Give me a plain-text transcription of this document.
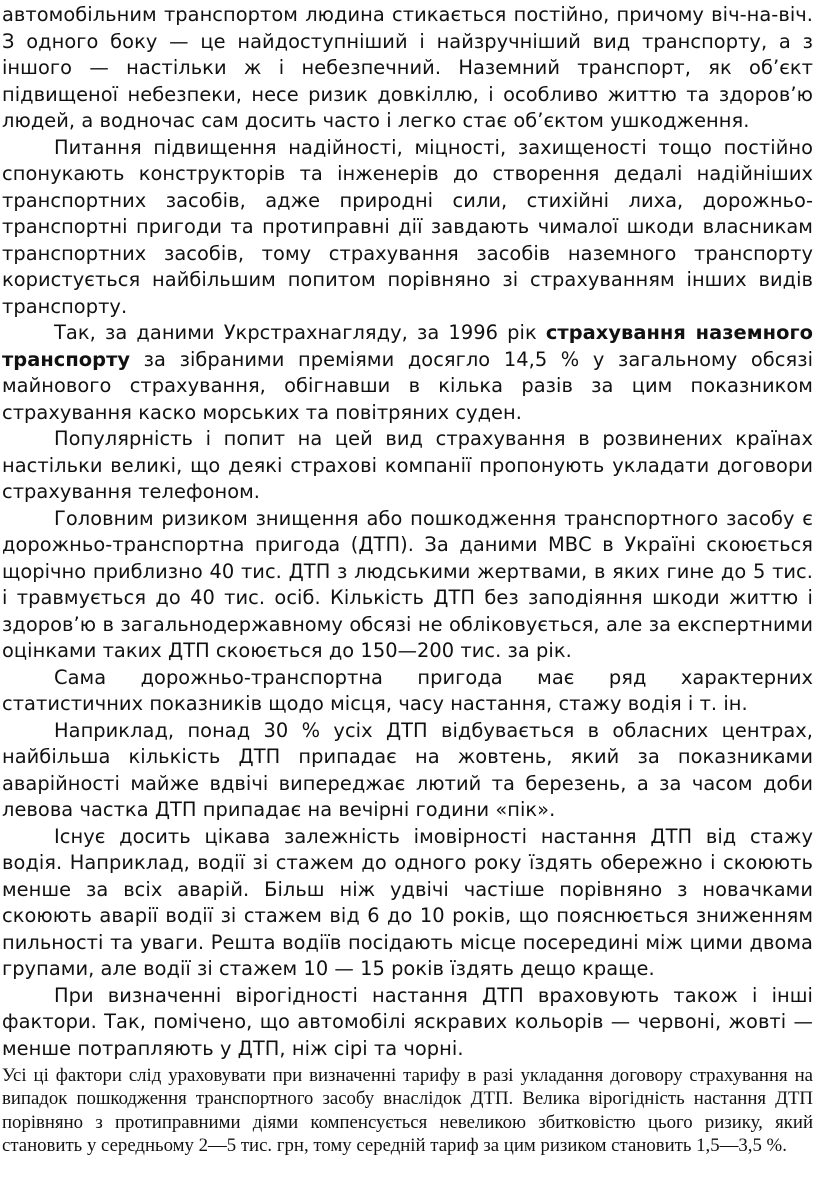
автомобільним транспортом людина стикається постійно, причому віч-на-віч. З одного боку — це найдоступніший і найзручніший вид транспорту, а з іншого — настільки ж і небезпечний. Наземний транспорт, як об’єкт підвищеної небезпеки, несе ризик довкіллю, і особливо життю та здоров’ю людей, а водночас сам досить часто і легко стає об’єктом ушкодження.

Питання підвищення надійності, міцності, захищеності тощо постійно спонукають конструкторів та інженерів до створення дедалі надійніших транспортних засобів, адже природні сили, стихійні лиха, дорожньо-транспортні пригоди та протиправні дії завдають чималої шкоди власникам транспортних засобів, тому страхування засобів наземного транспорту користується найбільшим попитом порівняно зі страхуванням інших видів транспорту.

Так, за даними Укрстрахнагляду, за 1996 рік страхування наземного транспорту за зібраними преміями досягло 14,5 % у загальному обсязі майнового страхування, обігнавши в кілька разів за цим показником страхування каско морських та повітряних суден.

Популярність і попит на цей вид страхування в розвинених країнах настільки великі, що деякі страхові компанії пропонують укладати договори страхування телефоном.

Головним ризиком знищення або пошкодження транспортного засобу є дорожньо-транспортна пригода (ДТП). За даними МВС в Україні скоюється щорічно приблизно 40 тис. ДТП з людськими жертвами, в яких гине до 5 тис. і травмується до 40 тис. осіб. Кількість ДТП без заподіяння шкоди життю і здоров’ю в загальнодержавному обсязі не обліковується, але за експертними оцінками таких ДТП скоюється до 150—200 тис. за рік.

Сама дорожньо-транспортна пригода має ряд характерних статистичних показників щодо місця, часу настання, стажу водія і т. ін.

Наприклад, понад 30 % усіх ДТП відбувається в обласних центрах, найбільша кількість ДТП припадає на жовтень, який за показниками аварійності майже вдвічі випереджає лютий та березень, а за часом доби левова частка ДТП припадає на вечірні години «пік».

Існує досить цікава залежність імовірності настання ДТП від стажу водія. Наприклад, водії зі стажем до одного року їздять обережно і скоюють менше за всіх аварій. Більш ніж удвічі частіше порівняно з новачками скоюють аварії водії зі стажем від 6 до 10 років, що пояснюється зниженням пильності та уваги. Решта водіїв посідають місце посередині між цими двома групами, але водії зі стажем 10 — 15 років їздять дещо краще.

При визначенні вірогідності настання ДТП враховують також і інші фактори. Так, помічено, що автомобілі яскравих кольорів — червоні, жовті — менше потрапляють у ДТП, ніж сірі та чорні.

Усі ці фактори слід ураховувати при визначенні тарифу в разі укладання договору страхування на випадок пошкодження транспортного засобу внаслідок ДТП. Велика вірогідність настання ДТП порівняно з протиправними діями компенсується невеликою збитковістю цього ризику, який становить у середньому 2—5 тис. грн, тому середній тариф за цим ризиком становить 1,5—3,5 %.
